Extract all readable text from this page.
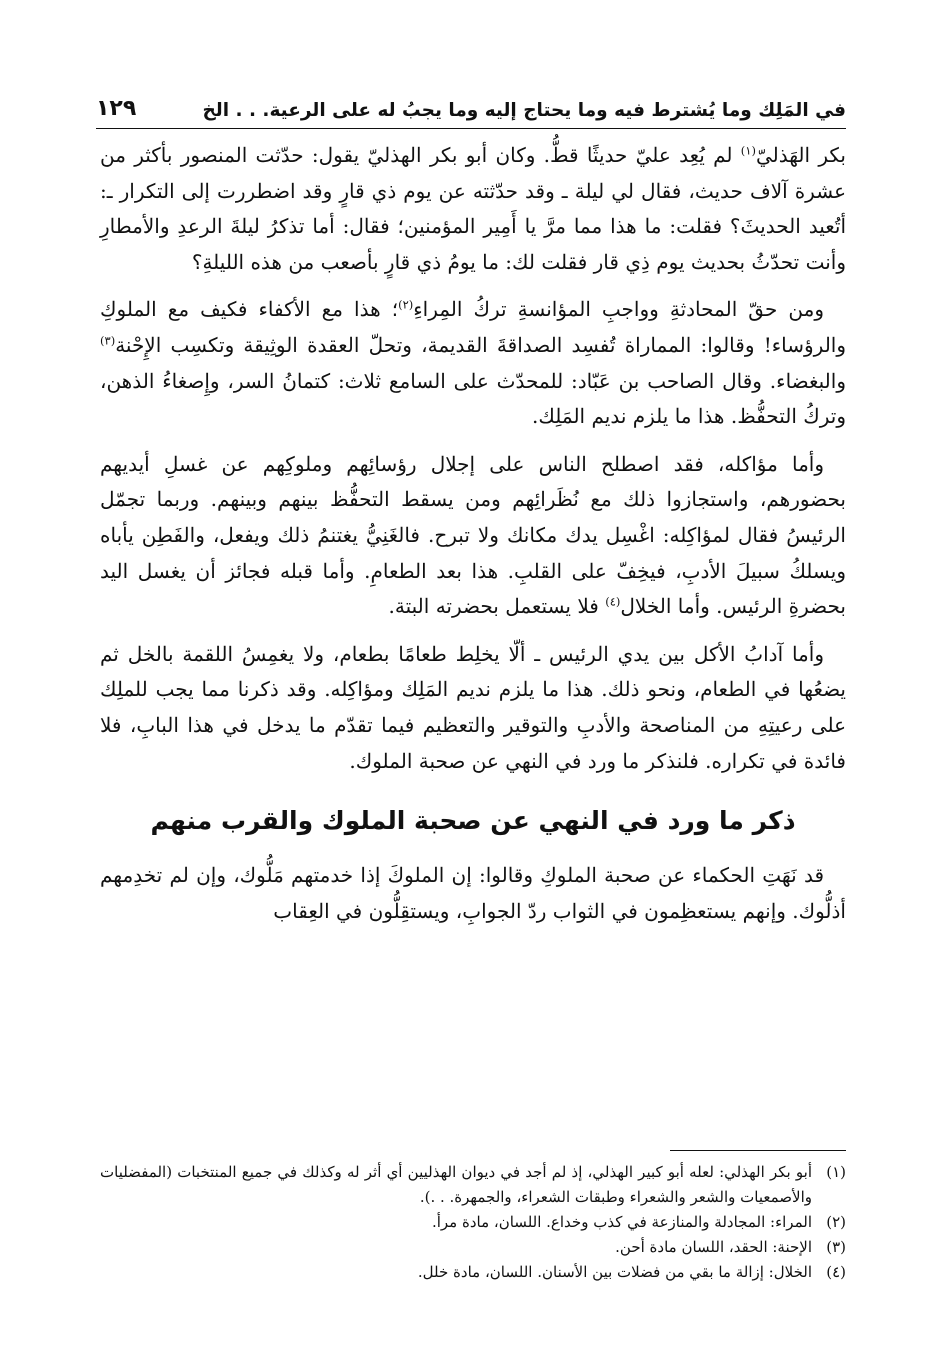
في المَلِك وما يُشترط فيه وما يحتاج إليه وما يجبُ له على الرعية. . . الخ
١٢٩

بكر الهَذليّ$^{(١)}$ لم يُعِد عليّ حديثًا قطُّ. وكان أبو بكر الهذليّ يقول: حدّثت المنصور بأكثر من عشرة آلاف حديث، فقال لي ليلة ـ وقد حدّثته عن يوم ذي قارٍ وقد اضطررت إلى التكرار ـ: أتُعيد الحديثَ؟ فقلت: ما هذا مما مرَّ يا أَمِير المؤمنين؛ فقال: أما تذكرُ ليلةَ الرعدِ والأمطارِ وأنت تحدّثُ بحديث يوم ذِي قار فقلت لك: ما يومُ ذي قارٍ بأصعب من هذه الليلةِ؟

ومن حقّ المحادثةِ وواجبِ المؤانسةِ تركُ المِراءِ$^{(٢)}$؛ هذا مع الأكفاء فكيف مع الملوكِ والرؤساء! وقالوا: المماراة تُفسِد الصداقةَ القديمة، وتحلّ العقدة الوثِيقة وتكسِب الإِحْنة$^{(٣)}$ والبغضاء. وقال الصاحب بن عَبّاد: للمحدّث على السامع ثلاث: كتمانُ السر، وإِصغاءُ الذهن، وتركُ التحفُّظ. هذا ما يلزم نديم المَلِك.

وأما مؤاكله، فقد اصطلح الناس على إجلال رؤسائِهم وملوكِهم عن غسلِ أيديهم بحضورهم، واستجازوا ذلك مع نُظَرائِهم ومن يسقط التحفُّظ بينهم وبينهم. وربما تجمّل الرئيسُ فقال لمؤاكِله: اغْسِل يدك مكانك ولا تبرح. فالغَنِيُّ يغتنمُ ذلك ويفعل، والفَطِن يأباه ويسلكُ سبيلَ الأدبِ، فيخِفّ على القلبِ. هذا بعد الطعامِ. وأما قبله فجائز أن يغسل اليد بحضرةِ الرئيس. وأما الخلال$^{(٤)}$ فلا يستعمل بحضرته البتة.

وأما آدابُ الأكل بين يدي الرئيس ـ ألّا يخلِط طعامًا بطعام، ولا يغمِسُ اللقمة بالخل ثم يضعُها في الطعام، ونحو ذلك. هذا ما يلزم نديم المَلِك ومؤاكِله. وقد ذكرنا مما يجب للملِك على رعيتِهِ من المناصحة والأدبِ والتوقير والتعظيم فيما تقدّم ما يدخل في هذا البابِ، فلا فائدة في تكراره. فلنذكر ما ورد في النهي عن صحبة الملوك.

ذكر ما ورد في النهي عن صحبة الملوك والقرب منهم

قد نَهَتِ الحكماء عن صحبة الملوكِ وقالوا: إن الملوكَ إذا خدمتهم مَلُّوك، وإن لم تخدِمهم أذلُّوك. وإنهم يستعظِمون في الثواب ردّ الجوابِ، ويستقِلُّون في العِقاب

(١)
أبو بكر الهذلي: لعله أبو كبير الهذلي، إذ لم أجد في ديوان الهذليين أي أثر له وكذلك في جميع المنتخبات (المفضليات والأصمعيات والشعر والشعراء وطبقات الشعراء، والجمهرة. . .).
(٢)
المراء: المجادلة والمنازعة في كذب وخداع. اللسان، مادة مرأ.
(٣)
الإحنة: الحقد، اللسان مادة أحن.
(٤)
الخلال: إزالة ما بقي من فضلات بين الأسنان. اللسان، مادة خلل.
